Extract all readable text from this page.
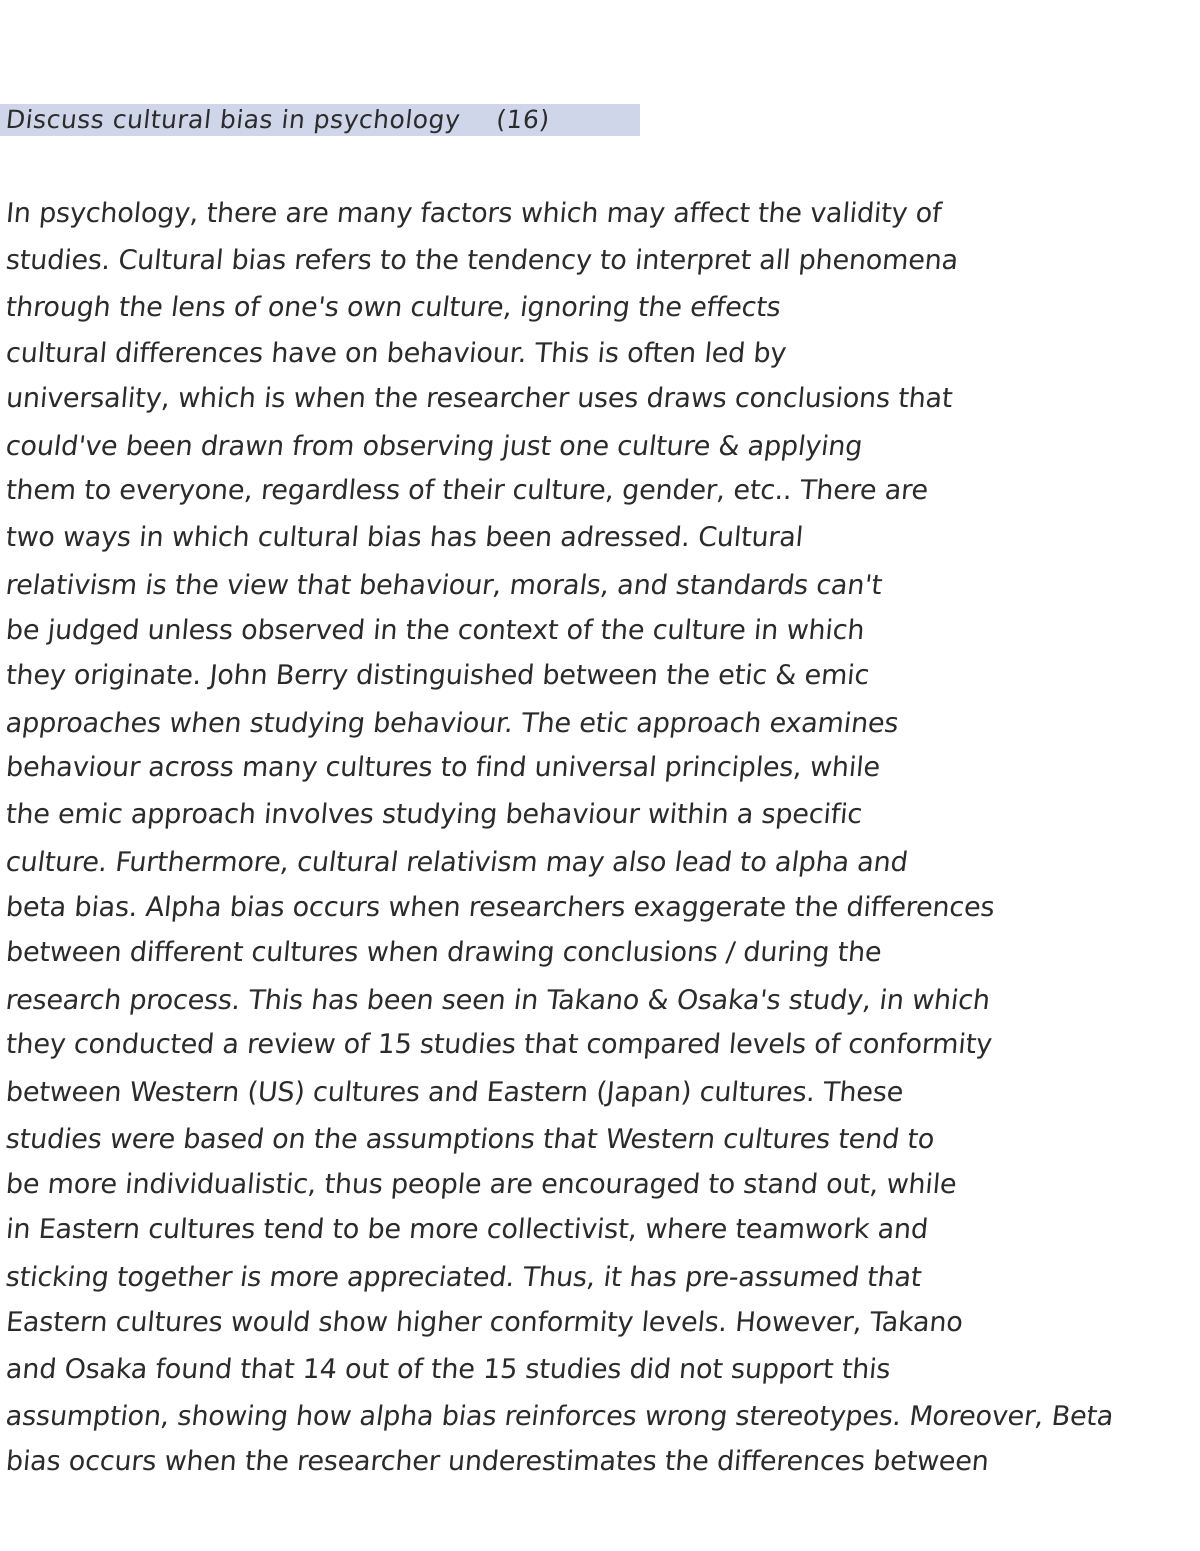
Discuss cultural bias in psychology (16)
In psychology, there are many factors which may affect the validity of
studies. Cultural bias refers to the tendency to interpret all phenomena
through the lens of one's own culture, ignoring the effects
cultural differences have on behaviour. This is often led by
universality, which is when the researcher uses draws conclusions that
could've been drawn from observing just one culture & applying
them to everyone, regardless of their culture, gender, etc.. There are
two ways in which cultural bias has been adressed. Cultural
relativism is the view that behaviour, morals, and standards can't
be judged unless observed in the context of the culture in which
they originate. John Berry distinguished between the etic & emic
approaches when studying behaviour. The etic approach examines
behaviour across many cultures to find universal principles, while
the emic approach involves studying behaviour within a specific
culture. Furthermore, cultural relativism may also lead to alpha and
beta bias. Alpha bias occurs when researchers exaggerate the differences
between different cultures when drawing conclusions / during the
research process. This has been seen in Takano & Osaka's study, in which
they conducted a review of 15 studies that compared levels of conformity
between Western (US) cultures and Eastern (Japan) cultures. These
studies were based on the assumptions that Western cultures tend to
be more individualistic, thus people are encouraged to stand out, while
in Eastern cultures tend to be more collectivist, where teamwork and
sticking together is more appreciated. Thus, it has pre-assumed that
Eastern cultures would show higher conformity levels. However, Takano
and Osaka found that 14 out of the 15 studies did not support this
assumption, showing how alpha bias reinforces wrong stereotypes. Moreover, Beta
bias occurs when the researcher underestimates the differences between
